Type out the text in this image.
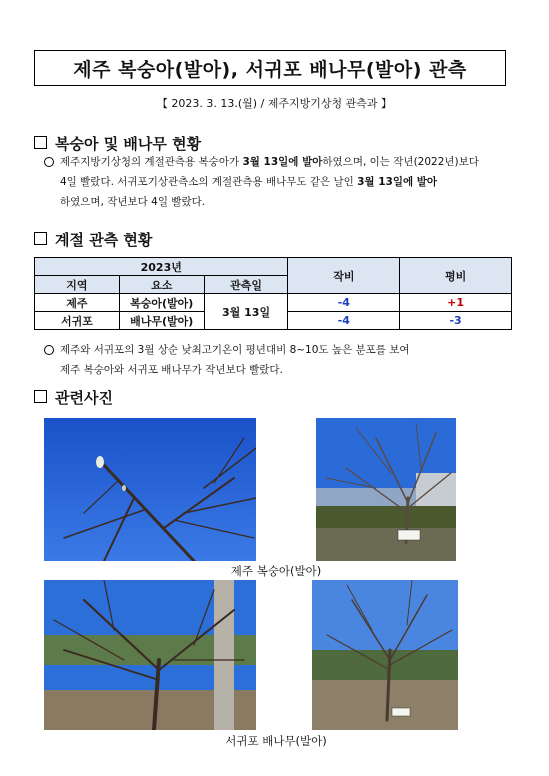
제주 복숭아(발아), 서귀포 배나무(발아) 관측
【 2023. 3. 13.(월) / 제주지방기상청 관측과 】
복숭아 및 배나무 현황
제주지방기상청의 계절관측용 복숭아가 3월 13일에 발아하였으며, 이는 작년(2022년)보다
4일 빨랐다. 서귀포기상관측소의 계절관측용 배나무도 같은 날인 3월 13일에 발아
하였으며, 작년보다 4일 빨랐다.
계절 관측 현황
2023년			작비	평비
지역	요소	관측일		
제주	복숭아(발아)	3월 13일	-4	+1
서귀포	배나무(발아)		-4	-3
제주와 서귀포의 3월 상순 낮최고기온이 평년대비 8~10도 높은 분포를 보여
제주 복숭아와 서귀포 배나무가 작년보다 빨랐다.
관련사진
제주 복숭아(발아)
서귀포 배나무(발아)
